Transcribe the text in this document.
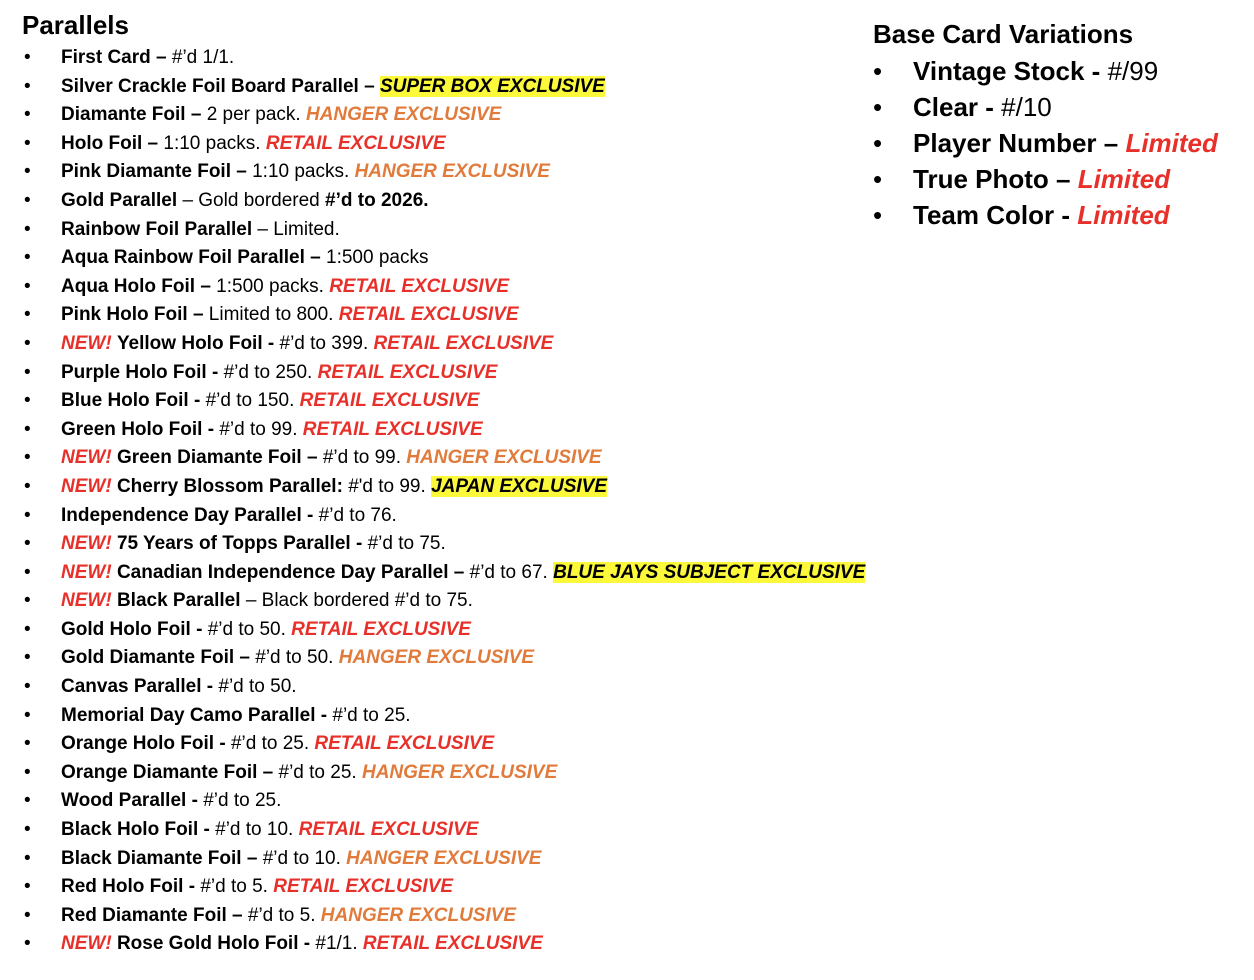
Parallels
• First Card – #’d 1/1.
• Silver Crackle Foil Board Parallel – SUPER BOX EXCLUSIVE
• Diamante Foil – 2 per pack. HANGER EXCLUSIVE
• Holo Foil – 1:10 packs. RETAIL EXCLUSIVE
• Pink Diamante Foil – 1:10 packs. HANGER EXCLUSIVE
• Gold Parallel – Gold bordered #’d to 2026.
• Rainbow Foil Parallel – Limited.
• Aqua Rainbow Foil Parallel – 1:500 packs
• Aqua Holo Foil – 1:500 packs. RETAIL EXCLUSIVE
• Pink Holo Foil – Limited to 800. RETAIL EXCLUSIVE
• NEW! Yellow Holo Foil - #’d to 399. RETAIL EXCLUSIVE
• Purple Holo Foil - #’d to 250. RETAIL EXCLUSIVE
• Blue Holo Foil - #’d to 150. RETAIL EXCLUSIVE
• Green Holo Foil - #’d to 99. RETAIL EXCLUSIVE
• NEW! Green Diamante Foil – #’d to 99. HANGER EXCLUSIVE
• NEW! Cherry Blossom Parallel: #'d to 99. JAPAN EXCLUSIVE
• Independence Day Parallel - #’d to 76.
• NEW! 75 Years of Topps Parallel - #’d to 75.
• NEW! Canadian Independence Day Parallel – #’d to 67. BLUE JAYS SUBJECT EXCLUSIVE
• NEW! Black Parallel – Black bordered #’d to 75.
• Gold Holo Foil - #’d to 50. RETAIL EXCLUSIVE
• Gold Diamante Foil – #’d to 50. HANGER EXCLUSIVE
• Canvas Parallel - #’d to 50.
• Memorial Day Camo Parallel - #’d to 25.
• Orange Holo Foil - #’d to 25. RETAIL EXCLUSIVE
• Orange Diamante Foil – #’d to 25. HANGER EXCLUSIVE
• Wood Parallel - #’d to 25.
• Black Holo Foil - #’d to 10. RETAIL EXCLUSIVE
• Black Diamante Foil – #’d to 10. HANGER EXCLUSIVE
• Red Holo Foil - #’d to 5. RETAIL EXCLUSIVE
• Red Diamante Foil – #’d to 5. HANGER EXCLUSIVE
• NEW! Rose Gold Holo Foil - #1/1. RETAIL EXCLUSIVE
Base Card Variations
• Vintage Stock - #/99
• Clear - #/10
• Player Number – Limited
• True Photo – Limited
• Team Color - Limited
